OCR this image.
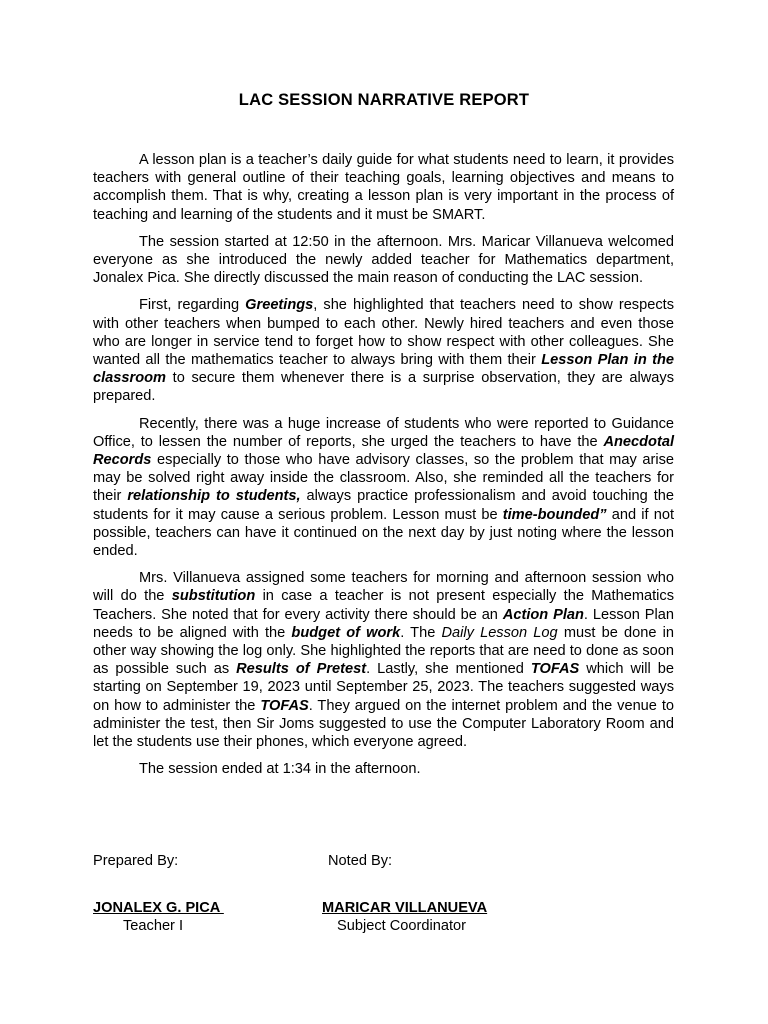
LAC SESSION NARRATIVE REPORT

A lesson plan is a teacher’s daily guide for what students need to learn, it provides teachers with general outline of their teaching goals, learning objectives and means to accomplish them. That is why, creating a lesson plan is very important in the process of teaching and learning of the students and it must be SMART.

The session started at 12:50 in the afternoon. Mrs. Maricar Villanueva welcomed everyone as she introduced the newly added teacher for Mathematics department, Jonalex Pica. She directly discussed the main reason of conducting the LAC session.

First, regarding Greetings, she highlighted that teachers need to show respects with other teachers when bumped to each other. Newly hired teachers and even those who are longer in service tend to forget how to show respect with other colleagues. She wanted all the mathematics teacher to always bring with them their Lesson Plan in the classroom to secure them whenever there is a surprise observation, they are always prepared.

Recently, there was a huge increase of students who were reported to Guidance Office, to lessen the number of reports, she urged the teachers to have the Anecdotal Records especially to those who have advisory classes, so the problem that may arise may be solved right away inside the classroom. Also, she reminded all the teachers for their relationship to students, always practice professionalism and avoid touching the students for it may cause a serious problem. Lesson must be time-bounded” and if not possible, teachers can have it continued on the next day by just noting where the lesson ended.

Mrs. Villanueva assigned some teachers for morning and afternoon session who will do the substitution in case a teacher is not present especially the Mathematics Teachers. She noted that for every activity there should be an Action Plan. Lesson Plan needs to be aligned with the budget of work. The Daily Lesson Log must be done in other way showing the log only. She highlighted the reports that are need to done as soon as possible such as Results of Pretest. Lastly, she mentioned TOFAS which will be starting on September 19, 2023 until September 25, 2023. The teachers suggested ways on how to administer the TOFAS. They argued on the internet problem and the venue to administer the test, then Sir Joms suggested to use the Computer Laboratory Room and let the students use their phones, which everyone agreed.

The session ended at 1:34 in the afternoon.

Prepared By:	Noted By:
JONALEX G. PICA
Teacher I
MARICAR VILLANUEVA
Subject Coordinator
